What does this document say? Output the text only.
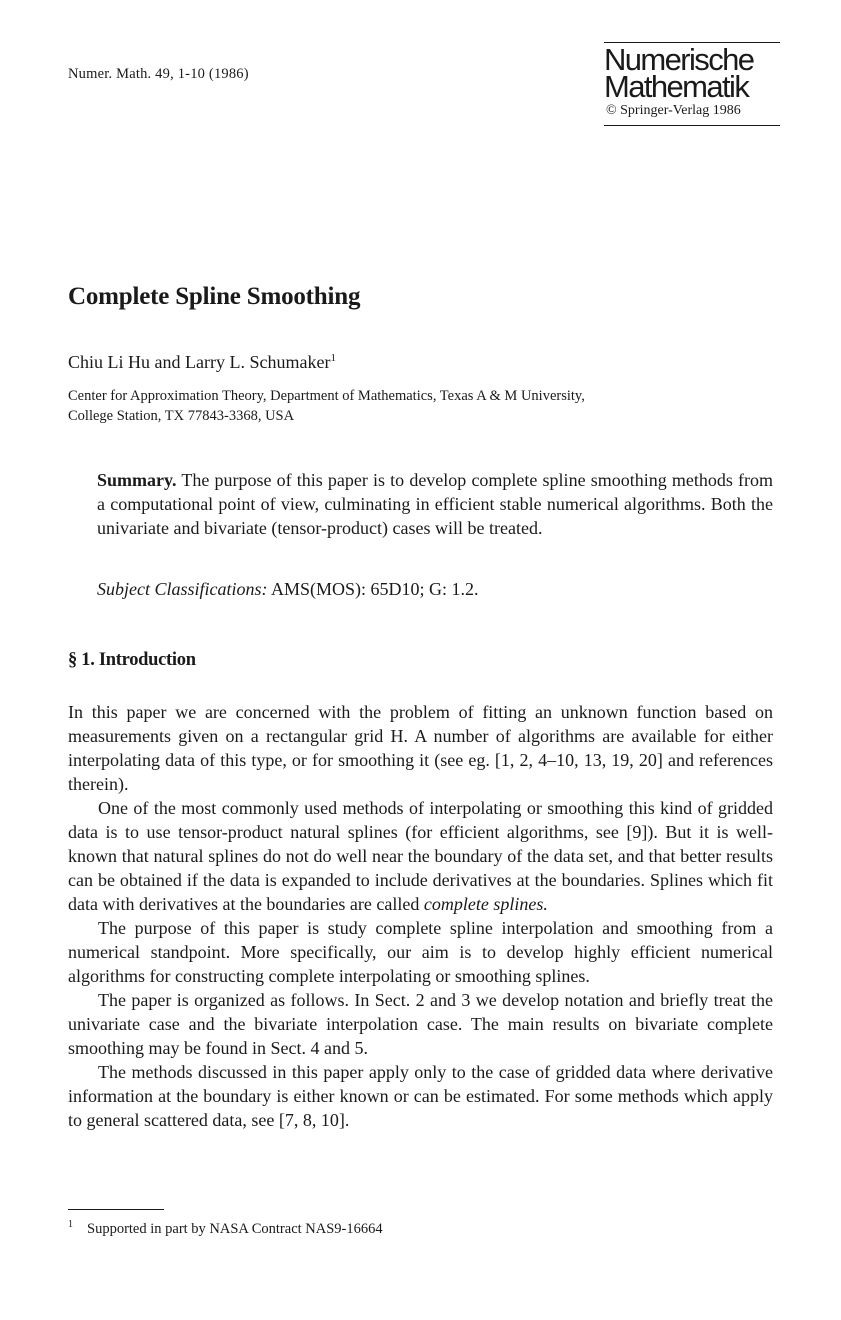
Numer. Math. 49, 1-10 (1986)	Numerische
Mathematik
© Springer-Verlag 1986
Complete Spline Smoothing
Chiu Li Hu and Larry L. Schumaker$^1$
Center for Approximation Theory, Department of Mathematics, Texas A & M University,
College Station, TX 77843-3368, USA
Summary. The purpose of this paper is to develop complete spline smoothing methods from a computational point of view, culminating in efficient stable numerical algorithms. Both the univariate and bivariate (tensor-product) cases will be treated.
Subject Classifications: AMS(MOS): 65D10; G: 1.2.
§ 1. Introduction

In this paper we are concerned with the problem of fitting an unknown function based on measurements given on a rectangular grid H. A number of algorithms are available for either interpolating data of this type, or for smoothing it (see eg. [1, 2, 4–10, 13, 19, 20] and references therein).

One of the most commonly used methods of interpolating or smoothing this kind of gridded data is to use tensor-product natural splines (for efficient algorithms, see [9]). But it is well-known that natural splines do not do well near the boundary of the data set, and that better results can be obtained if the data is expanded to include derivatives at the boundaries. Splines which fit data with derivatives at the boundaries are called complete splines.

The purpose of this paper is study complete spline interpolation and smoothing from a numerical standpoint. More specifically, our aim is to develop highly efficient numerical algorithms for constructing complete interpolating or smoothing splines.

The paper is organized as follows. In Sect. 2 and 3 we develop notation and briefly treat the univariate case and the bivariate interpolation case. The main results on bivariate complete smoothing may be found in Sect. 4 and 5.

The methods discussed in this paper apply only to the case of gridded data where derivative information at the boundary is either known or can be estimated. For some methods which apply to general scattered data, see [7, 8, 10].

$^1$ Supported in part by NASA Contract NAS9-16664
